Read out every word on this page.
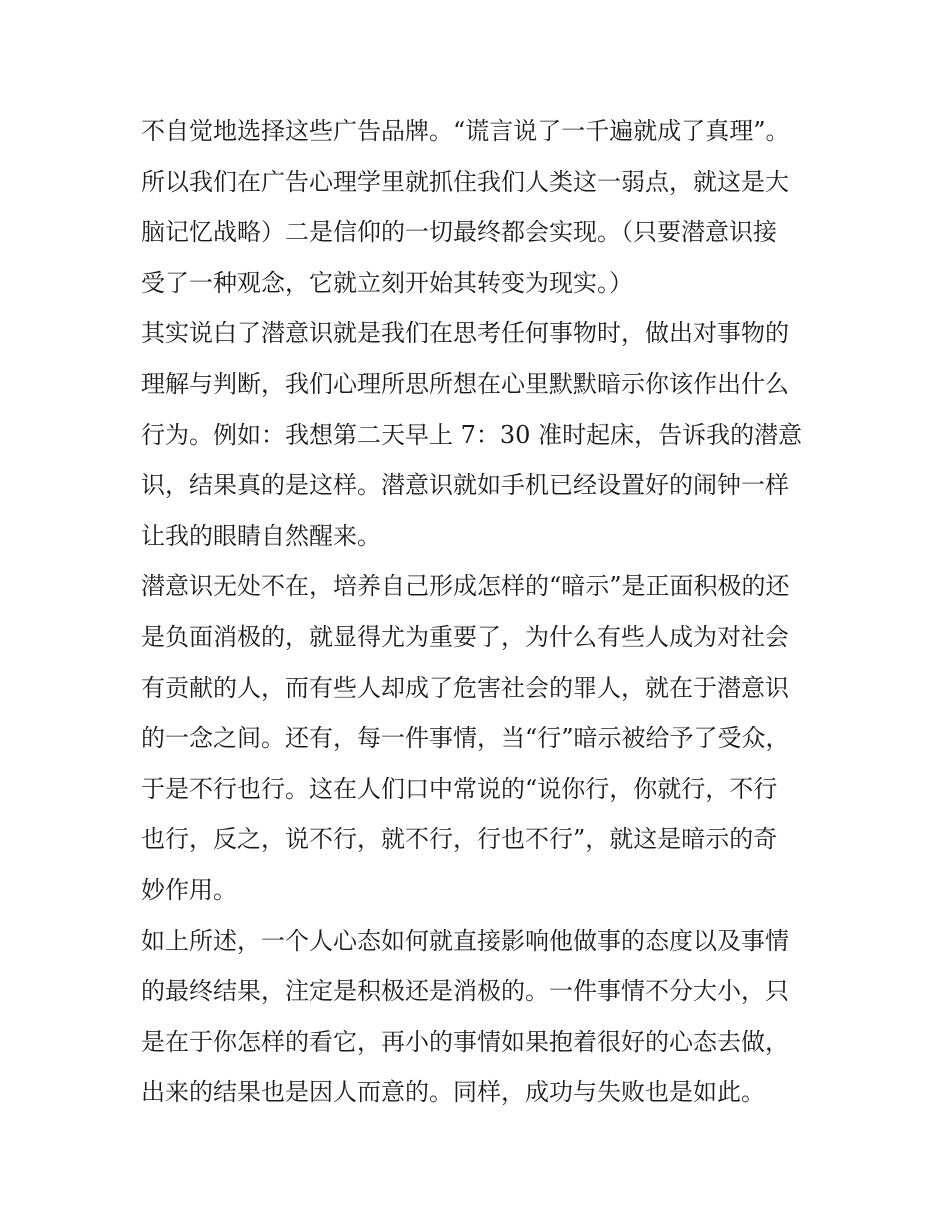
不自觉地选择这些广告品牌。“谎言说了一千遍就成了真理”。
所以我们在广告心理学里就抓住我们人类这一弱点，就这是大
脑记忆战略）二是信仰的一切最终都会实现。（只要潜意识接
受了一种观念，它就立刻开始其转变为现实。）
其实说白了潜意识就是我们在思考任何事物时，做出对事物的
理解与判断，我们心理所思所想在心里默默暗示你该作出什么
行为。例如：我想第二天早上 7：30 准时起床，告诉我的潜意
识，结果真的是这样。潜意识就如手机已经设置好的闹钟一样
让我的眼睛自然醒来。
潜意识无处不在，培养自己形成怎样的“暗示”是正面积极的还
是负面消极的，就显得尤为重要了，为什么有些人成为对社会
有贡献的人，而有些人却成了危害社会的罪人，就在于潜意识
的一念之间。还有，每一件事情，当“行”暗示被给予了受众，
于是不行也行。这在人们口中常说的“说你行，你就行，不行
也行，反之，说不行，就不行，行也不行”，就这是暗示的奇
妙作用。
如上所述，一个人心态如何就直接影响他做事的态度以及事情
的最终结果，注定是积极还是消极的。一件事情不分大小，只
是在于你怎样的看它，再小的事情如果抱着很好的心态去做，
出来的结果也是因人而意的。同样，成功与失败也是如此。
